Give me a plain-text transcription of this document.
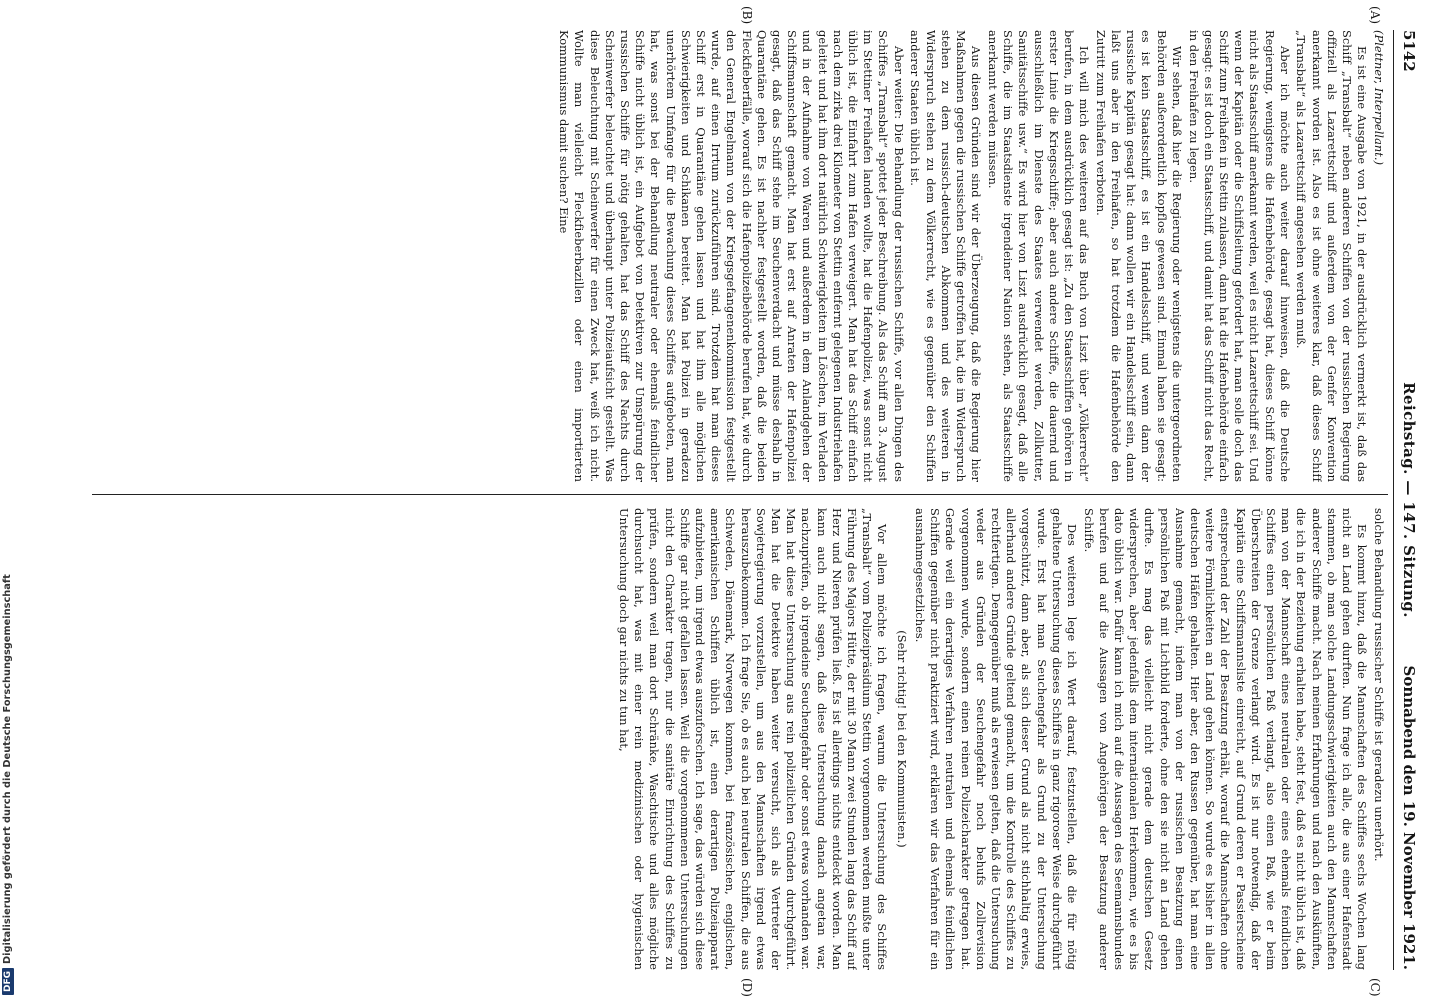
5142
Reichstag. — 147. Sitzung.
Sonnabend den 19. November 1921.
(A)
(B)
(C)
(D)

(Plettner, Interpellant.)

Es ist eine Ausgabe von 1921, in der ausdrücklich vermerkt ist, daß das Schiff „Transbalt“ neben anderen Schiffen von der russischen Regierung offiziell als Lazarettschiff und außerdem von der Genfer Konvention anerkannt worden ist. Also es ist ohne weiteres klar, daß dieses Schiff „Transbalt“ als Lazarettschiff angesehen werden muß.

Aber ich möchte auch weiter darauf hinweisen, daß die Deutsche Regierung, wenigstens die Hafenbehörde, gesagt hat, dieses Schiff könne nicht als Staatsschiff anerkannt werden, weil es nicht Lazarettschiff sei. Und wenn der Kapitän oder die Schiffsleitung gefordert hat, man solle doch das Schiff zum Freihafen in Stettin zulassen, dann hat die Hafenbehörde einfach gesagt: es ist doch ein Staatsschiff, und damit hat das Schiff nicht das Recht, in den Freihafen zu legen.

Wir sehen, daß hier die Regierung oder wenigstens die untergeordneten Behörden außerordentlich kopflos gewesen sind. Einmal haben sie gesagt: es ist kein Staatsschiff, es ist ein Handelsschiff, und wenn dann der russische Kapitän gesagt hat: dann wollen wir ein Handelsschiff sein, dann laßt uns aber in den Freihafen, so hat trotzdem die Hafenbehörde den Zutritt zum Freihafen verboten.

Ich will mich des weiteren auf das Buch von Liszt über „Völkerrecht“ berufen, in dem ausdrücklich gesagt ist: „Zu den Staatsschiffen gehören in erster Linie die Kriegsschiffe; aber auch andere Schiffe, die dauernd und ausschließlich im Dienste des Staates verwendet werden, Zollkutter, Sanitätsschiffe usw.“ Es wird hier von Liszt ausdrücklich gesagt, daß alle Schiffe, die im Staatsdienste irgendeiner Nation stehen, als Staatsschiffe anerkannt werden müssen.

Aus diesen Gründen sind wir der Überzeugung, daß die Regierung hier Maßnahmen gegen die russischen Schiffe getroffen hat, die im Widerspruch stehen zu dem russisch-deutschen Abkommen und des weiteren in Widerspruch stehen zu dem Völkerrecht, wie es gegenüber den Schiffen anderer Staaten üblich ist.

Aber weiter: Die Behandlung der russischen Schiffe, vor allen Dingen des Schiffes „Transbalt“ spottet jeder Beschreibung. Als das Schiff am 3. August im Stettiner Freihafen landen wollte, hat die Hafenpolizei, was sonst nicht üblich ist, die Einfahrt zum Hafen verweigert. Man hat das Schiff einfach nach dem zirka drei Kilometer von Stettin entfernt gelegenen Industriehafen geleitet und hat ihm dort natürlich Schwierigkeiten im Löschen, im Verladen und in der Aufnahme von Waren und außerdem in dem Anlandgehen der Schiffsmannschaft gemacht. Man hat erst auf Anraten der Hafenpolizei gesagt, daß das Schiff stehe im Seuchenverdacht und müsse deshalb in Quarantäne gehen. Es ist nachher festgestellt worden, daß die beiden Fleckfieberfälle, worauf sich die Hafenpolizeibehörde berufen hat, wie durch den General Engelmann von der Kriegsgefangenenkommission festgestellt wurde, auf einen Irrtum zurückzuführen sind. Trotzdem hat man dieses Schiff erst in Quarantäne gehen lassen und hat ihm alle möglichen Schwierigkeiten und Schikanen bereitet. Man hat Polizei in geradezu unerhörtem Umfange für die Bewachung dieses Schiffes aufgeboten, man hat, was sonst bei der Behandlung neutraler oder ehemals feindlicher Schiffe nicht üblich ist, ein Aufgebot von Detektiven zur Umspürung der russischen Schiffe für nötig gehalten, hat das Schiff des Nachts durch Scheinwerfer beleuchtet und überhaupt unter Polizeiaufsicht gestellt. Was diese Beleuchtung mit Scheinwerfer für einen Zweck hat, weiß ich nicht. Wollte man vielleicht Fleckfieberbazillen oder einen importierten Kommunismus damit suchen? Eine

solche Behandlung russischer Schiffe ist geradezu unerhört.

Es kommt hinzu, daß die Mannschaften des Schiffes sechs Wochen lang nicht an Land gehen durften. Nun frage ich alle, die aus einer Hafenstadt stammen, ob man solche Landungsschwierigkeiten auch den Mannschaften anderer Schiffe macht. Nach meinen Erfahrungen und nach den Auskünften, die ich in der Beziehung erhalten habe, steht fest, daß es nicht üblich ist, daß man von der Mannschaft eines neutralen oder eines ehemals feindlichen Schiffes einen persönlichen Paß verlangt, also einen Paß, wie er beim Überschreiten der Grenze verlangt wird. Es ist nur notwendig, daß der Kapitän eine Schiffsmannsliste einreicht, auf Grund deren er Passierscheine entsprechend der Zahl der Besatzung erhält, worauf die Mannschaften ohne weitere Förmlichkeiten an Land gehen können. So wurde es bisher in allen deutschen Häfen gehalten. Hier aber, den Russen gegenüber, hat man eine Ausnahme gemacht, indem man von der russischen Besatzung einen persönlichen Paß mit Lichtbild forderte, ohne den sie nicht an Land gehen durfte. Es mag das vielleicht nicht gerade dem deutschen Gesetz widersprechen, aber jedenfalls dem internationalen Herkommen, wie es bis dato üblich war. Dafür kann ich mich auf die Aussagen des Seemannsbundes berufen und auf die Aussagen von Angehörigen der Besatzung anderer Schiffe.

Des weiteren lege ich Wert darauf, festzustellen, daß die für nötig gehaltene Untersuchung dieses Schiffes in ganz rigoroser Weise durchgeführt wurde. Erst hat man Seuchengefahr als Grund zu der Untersuchung vorgeschützt, dann aber, als sich dieser Grund als nicht stichhaltig erwies, allerhand andere Gründe geltend gemacht, um die Kontrolle des Schiffes zu rechtfertigen. Demgegenüber muß als erwiesen gelten, daß die Untersuchung weder aus Gründen der Seuchengefahr noch behufs Zollrevision vorgenommen wurde, sondern einen reinen Polizeicharakter getragen hat. Gerade weil ein derartiges Verfahren neutralen und ehemals feindlichen Schiffen gegenüber nicht praktiziert wird, erklären wir das Verfahren für ein ausnahmegesetzliches.

(Sehr richtig! bei den Kommunisten.)

Vor allem möchte ich fragen, warum die Untersuchung des Schiffes „Transbalt“ vom Polizeipräsidium Stettin vorgenommen werden mußte unter Führung des Majors Hütte, der mit 30 Mann zwei Stunden lang das Schiff auf Herz und Nieren prüfen ließ. Es ist allerdings nichts entdeckt worden. Man kann auch nicht sagen, daß diese Untersuchung danach angetan war, nachzuprüfen, ob irgendeine Seuchengefahr oder sonst etwas vorhanden war. Man hat diese Untersuchung aus rein polizeilichen Gründen durchgeführt. Man hat die Detektive haben weiter versucht, sich als Vertreter der Sowjetregierung vorzustellen, um aus den Mannschaften irgend etwas herauszubekommen. Ich frage Sie, ob es auch bei neutralen Schiffen, die aus Schweden, Dänemark, Norwegen kommen, bei französischen, englischen, amerikanischen Schiffen üblich ist, einen derartigen Polizeiapparat aufzubieten, um irgend etwas auszuforschen. Ich sage, das würden sich diese Schiffe gar nicht gefallen lassen. Weil die vorgenommenen Untersuchungen nicht den Charakter tragen, nur die sanitäre Einrichtung des Schiffes zu prüfen, sondern weil man dort Schränke, Waschtische und alles mögliche durchsucht hat, was mit einer rein medizinischen oder hygienischen Untersuchung doch gar nichts zu tun hat,

DFGDigitalisierung gefördert durch die Deutsche Forschungsgemeinschaft
